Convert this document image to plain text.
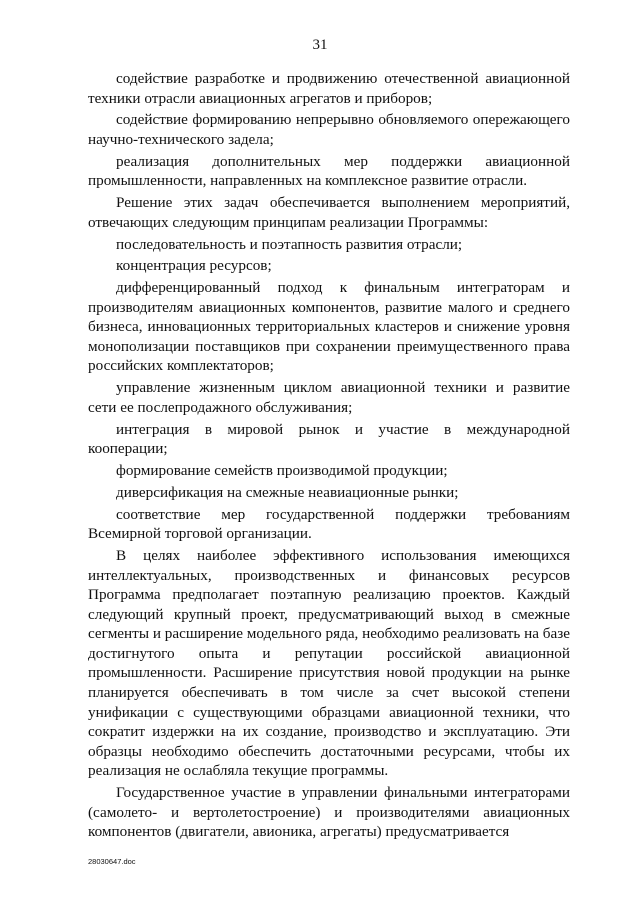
31

содействие разработке и продвижению отечественной авиационной техники отрасли авиационных агрегатов и приборов;

содействие формированию непрерывно обновляемого опережающего научно-технического задела;

реализация дополнительных мер поддержки авиационной промышленности, направленных на комплексное развитие отрасли.

Решение этих задач обеспечивается выполнением мероприятий, отвечающих следующим принципам реализации Программы:

последовательность и поэтапность развития отрасли;

концентрация ресурсов;

дифференцированный подход к финальным интеграторам и производителям авиационных компонентов, развитие малого и среднего бизнеса, инновационных территориальных кластеров и снижение уровня монополизации поставщиков при сохранении преимущественного права российских комплектаторов;

управление жизненным циклом авиационной техники и развитие сети ее послепродажного обслуживания;

интеграция в мировой рынок и участие в международной кооперации;

формирование семейств производимой продукции;

диверсификация на смежные неавиационные рынки;

соответствие мер государственной поддержки требованиям Всемирной торговой организации.

В целях наиболее эффективного использования имеющихся интеллектуальных, производственных и финансовых ресурсов Программа предполагает поэтапную реализацию проектов. Каждый следующий крупный проект, предусматривающий выход в смежные сегменты и расширение модельного ряда, необходимо реализовать на базе достигнутого опыта и репутации российской авиационной промышленности. Расширение присутствия новой продукции на рынке планируется обеспечивать в том числе за счет высокой степени унификации с существующими образцами авиационной техники, что сократит издержки на их создание, производство и эксплуатацию. Эти образцы необходимо обеспечить достаточными ресурсами, чтобы их реализация не ослабляла текущие программы.

Государственное участие в управлении финальными интеграторами (самолето- и вертолетостроение) и производителями авиационных компонентов (двигатели, авионика, агрегаты) предусматривается

28030647.doc
